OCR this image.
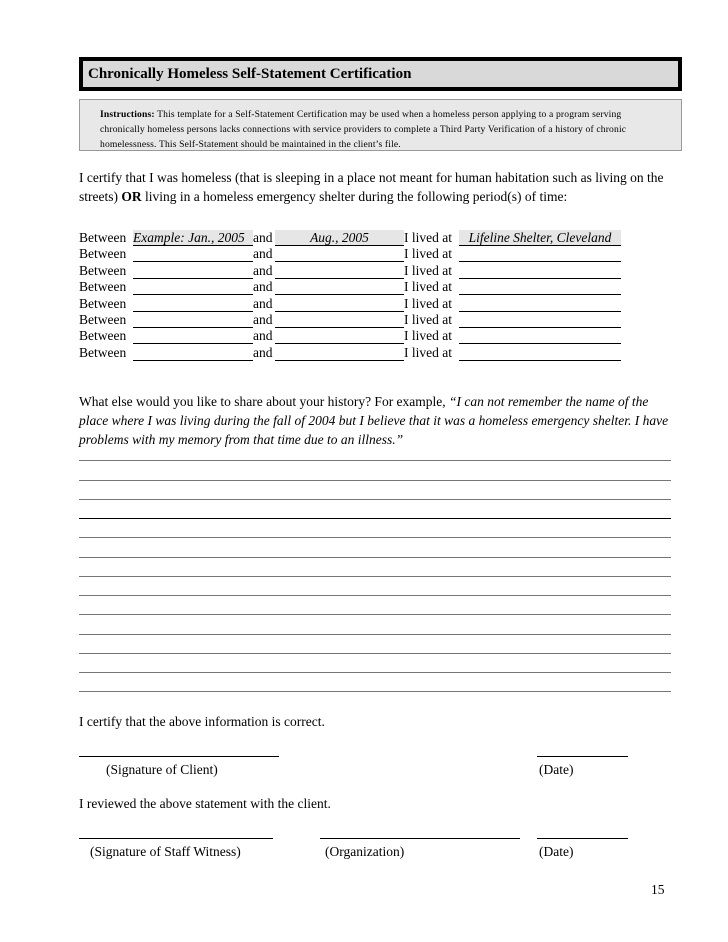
Chronically Homeless Self-Statement Certification
Instructions: This template for a Self-Statement Certification may be used when a homeless person applying to a program serving chronically homeless persons lacks connections with service providers to complete a Third Party Verification of a history of chronic homelessness. This Self-Statement should be maintained in the client’s file.
I certify that I was homeless (that is sleeping in a place not meant for human habitation such as living on the streets) OR living in a homeless emergency shelter during the following period(s) of time:
Between Example: Jan., 2005 and	Aug., 2005	I lived at	Lifeline Shelter, Cleveland
Between	and	I lived at
Between	and	I lived at
Between	and	I lived at
Between	and	I lived at
Between	and	I lived at
Between	and	I lived at
Between	and	I lived at
What else would you like to share about your history? For example, “I can not remember the name of the place where I was living during the fall of 2004 but I believe that it was a homeless emergency shelter. I have problems with my memory from that time due to an illness.”
I certify that the above information is correct.
(Signature of Client)	(Date)
I reviewed the above statement with the client.
(Signature of Staff Witness)	(Organization)	(Date)
15
